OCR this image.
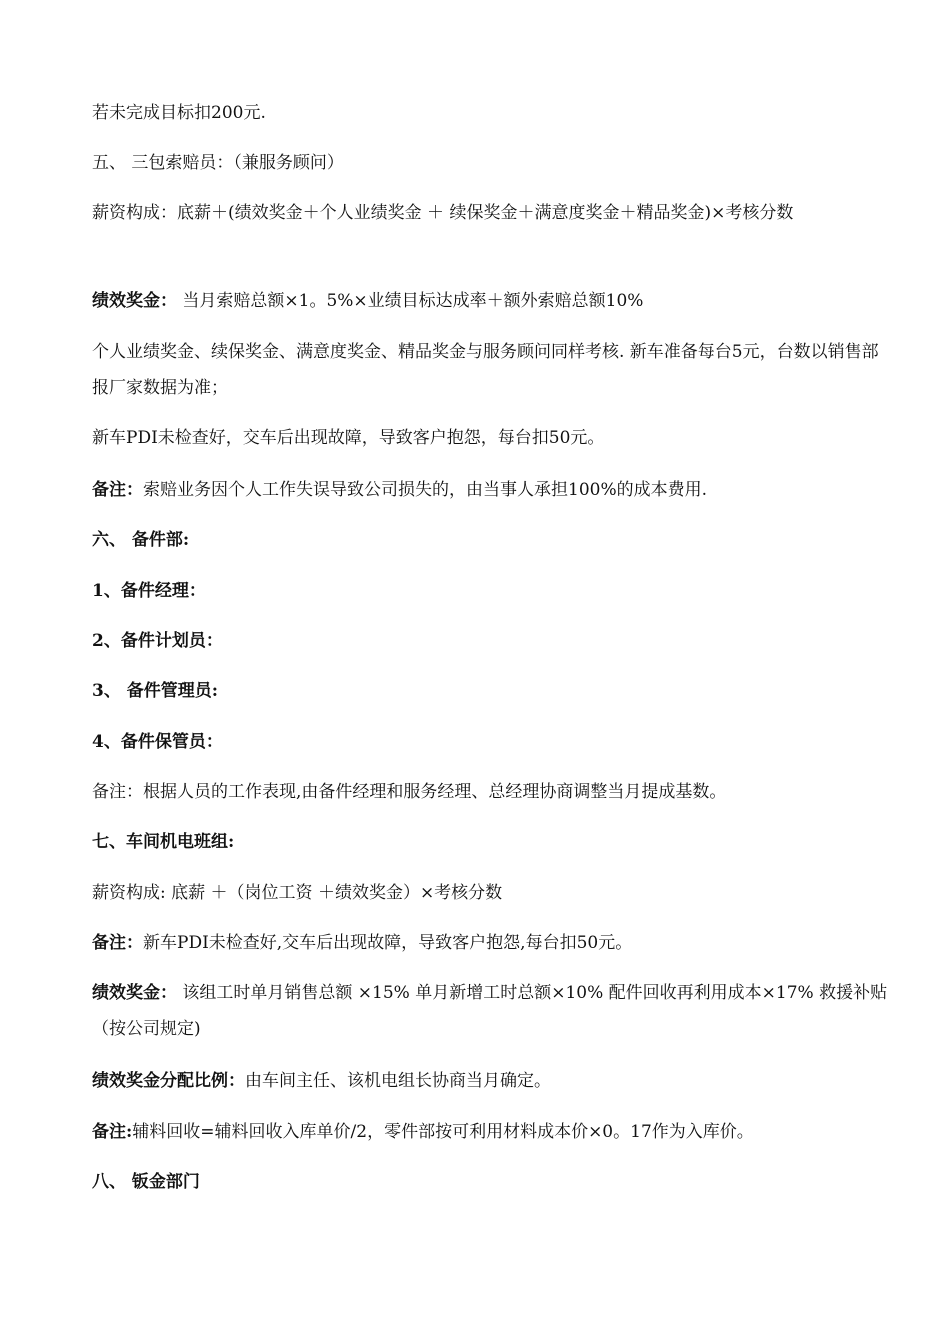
若未完成目标扣200元.

五、 三包索赔员：（兼服务顾问）

薪资构成：底薪＋(绩效奖金＋个人业绩奖金 ＋ 续保奖金＋满意度奖金＋精品奖金)×考核分数

绩效奖金： 当月索赔总额×1。5%×业绩目标达成率＋额外索赔总额10%

个人业绩奖金、续保奖金、满意度奖金、精品奖金与服务顾问同样考核. 新车准备每台5元，台数以销售部报厂家数据为准；

新车PDI未检查好，交车后出现故障，导致客户抱怨，每台扣50元。

备注：索赔业务因个人工作失误导致公司损失的，由当事人承担100%的成本费用.

六、 备件部:

1、备件经理：

2、备件计划员：

3、 备件管理员:

4、备件保管员：

备注：根据人员的工作表现,由备件经理和服务经理、总经理协商调整当月提成基数。

七、车间机电班组:

薪资构成: 底薪 ＋（岗位工资 ＋绩效奖金）×考核分数

备注：新车PDI未检查好,交车后出现故障，导致客户抱怨,每台扣50元。

绩效奖金： 该组工时单月销售总额 ×15% 单月新增工时总额×10% 配件回收再利用成本×17% 救援补贴（按公司规定)

绩效奖金分配比例：由车间主任、该机电组长协商当月确定。

备注:辅料回收=辅料回收入库单价/2，零件部按可利用材料成本价×0。17作为入库价。

八、 钣金部门
